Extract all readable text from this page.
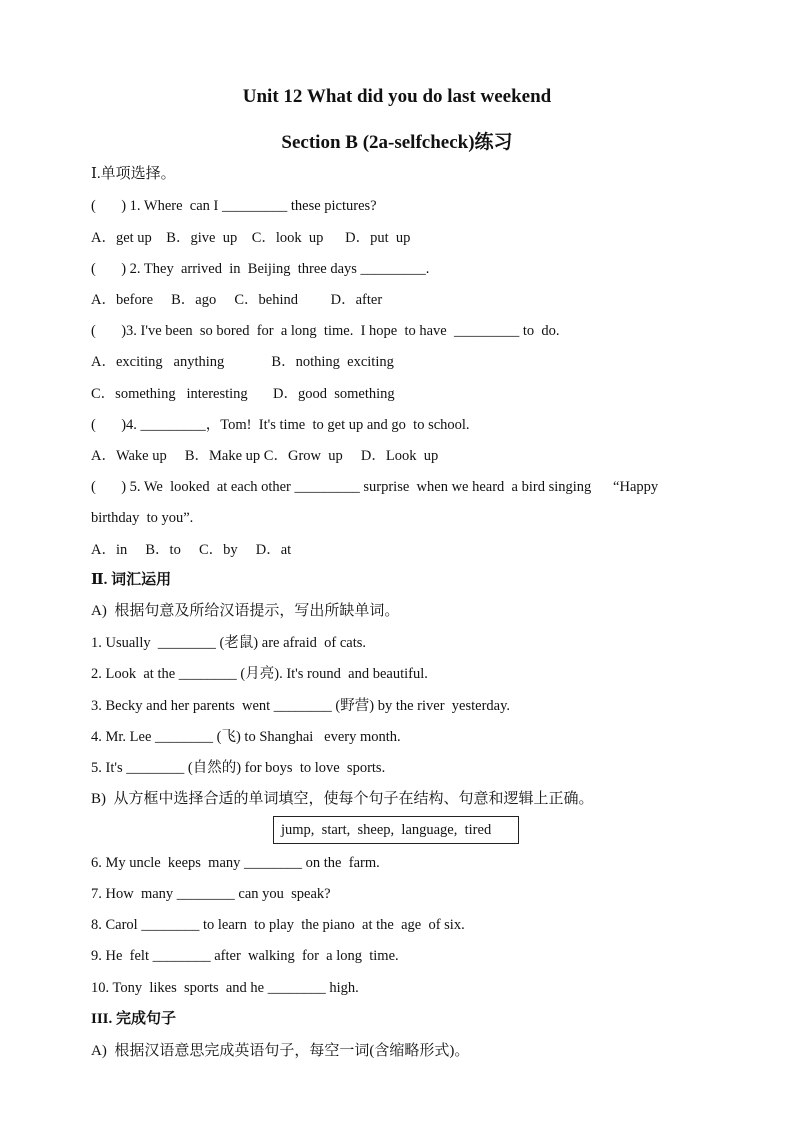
Unit 12 What did you do last weekend
Section B (2a-selfcheck)练习
Ⅰ.单项选择。
(       ) 1. Where  can I _________ these pictures?
A．get up    B．give  up    C．look  up      D．put  up
(       ) 2. They  arrived  in  Beijing  three days _________.
A．before     B．ago     C．behind         D．after
(       )3. I've been  so bored  for  a long  time.  I hope  to have  _________ to  do.
A．exciting   anything             B．nothing  exciting
C．something   interesting       D．good  something
(       )4. _________，Tom!  It's time  to get up and go  to school.
A．Wake up     B．Make up C．Grow  up     D．Look  up
(       ) 5. We  looked  at each other _________ surprise  when we heard  a bird singing      “Happy
birthday  to you”.
A．in     B．to     C．by     D．at
Ⅱ. 词汇运用
A)  根据句意及所给汉语提示，写出所缺单词。
1. Usually  ________ (老鼠) are afraid  of cats.
2. Look  at the ________ (月亮). It's round  and beautiful.
3. Becky and her parents  went ________ (野营) by the river  yesterday.
4. Mr. Lee ________ (飞) to Shanghai   every month.
5. It's ________ (自然的) for boys  to love  sports.
B)  从方框中选择合适的单词填空，使每个句子在结构、句意和逻辑上正确。
jump,  start,  sheep,  language,  tired
6. My uncle  keeps  many ________ on the  farm.
7. How  many ________ can you  speak?
8. Carol ________ to learn  to play  the piano  at the  age  of six.
9. He  felt ________ after  walking  for  a long  time.
10. Tony  likes  sports  and he ________ high.
III. 完成句子
A)  根据汉语意思完成英语句子，每空一词(含缩略形式)。
